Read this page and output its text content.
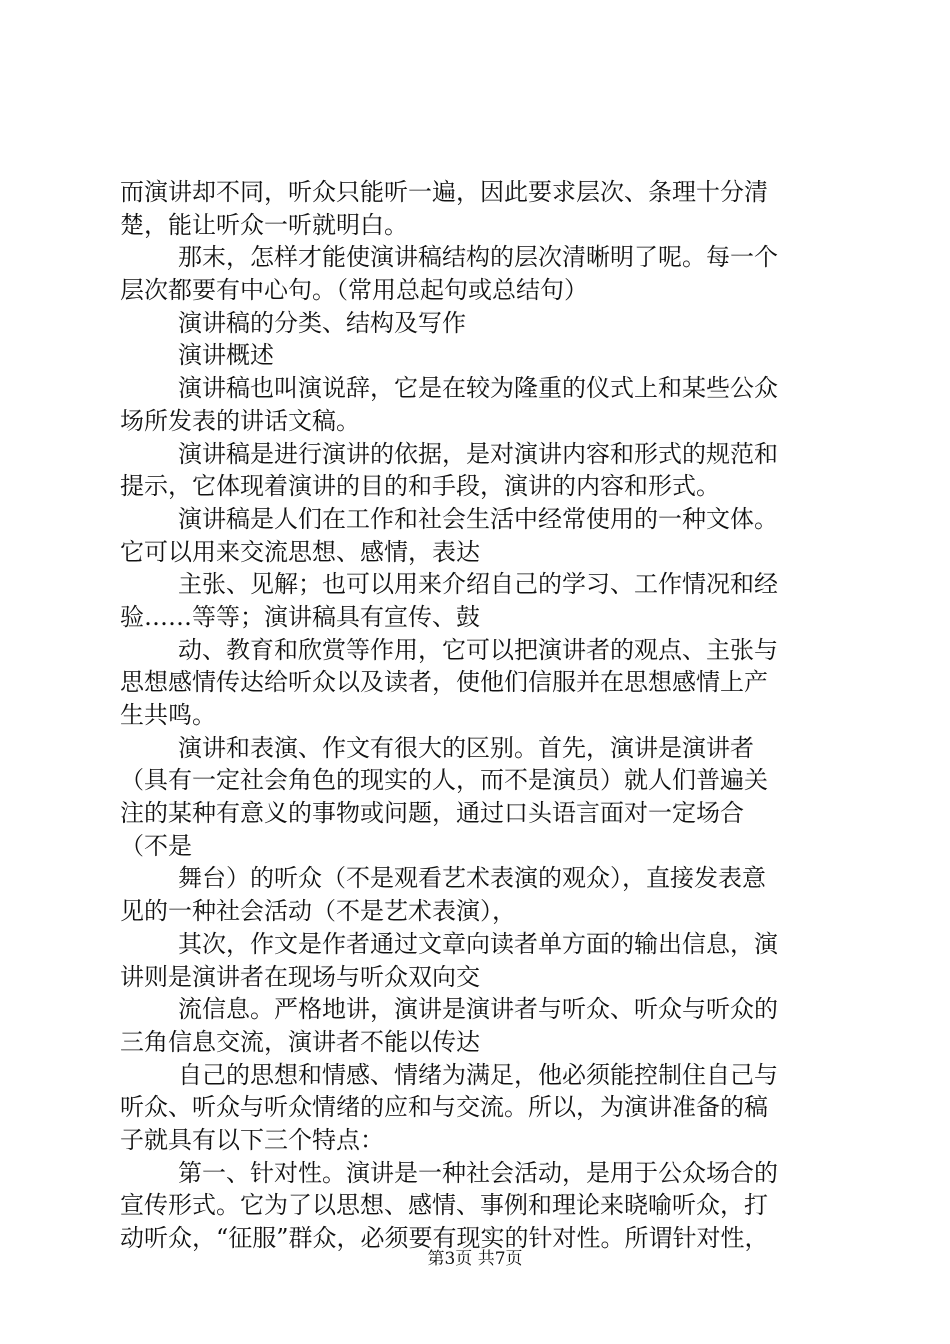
而演讲却不同，听众只能听一遍，因此要求层次、条理十分清
楚，能让听众一听就明白。
那末，怎样才能使演讲稿结构的层次清晰明了呢。每一个
层次都要有中心句。（常用总起句或总结句）
演讲稿的分类、结构及写作
演讲概述
演讲稿也叫演说辞，它是在较为隆重的仪式上和某些公众
场所发表的讲话文稿。
演讲稿是进行演讲的依据，是对演讲内容和形式的规范和
提示，它体现着演讲的目的和手段，演讲的内容和形式。
演讲稿是人们在工作和社会生活中经常使用的一种文体。
它可以用来交流思想、感情，表达
主张、见解；也可以用来介绍自己的学习、工作情况和经
验……等等；演讲稿具有宣传、鼓
动、教育和欣赏等作用，它可以把演讲者的观点、主张与
思想感情传达给听众以及读者，使他们信服并在思想感情上产
生共鸣。
演讲和表演、作文有很大的区别。首先，演讲是演讲者
（具有一定社会角色的现实的人，而不是演员）就人们普遍关
注的某种有意义的事物或问题，通过口头语言面对一定场合
（不是
舞台）的听众（不是观看艺术表演的观众），直接发表意
见的一种社会活动（不是艺术表演），
其次，作文是作者通过文章向读者单方面的输出信息，演
讲则是演讲者在现场与听众双向交
流信息。严格地讲，演讲是演讲者与听众、听众与听众的
三角信息交流，演讲者不能以传达
自己的思想和情感、情绪为满足，他必须能控制住自己与
听众、听众与听众情绪的应和与交流。所以，为演讲准备的稿
子就具有以下三个特点：
第一、针对性。演讲是一种社会活动，是用于公众场合的
宣传形式。它为了以思想、感情、事例和理论来晓喻听众，打
动听众，“征服”群众，必须要有现实的针对性。所谓针对性，
第3页 共7页
